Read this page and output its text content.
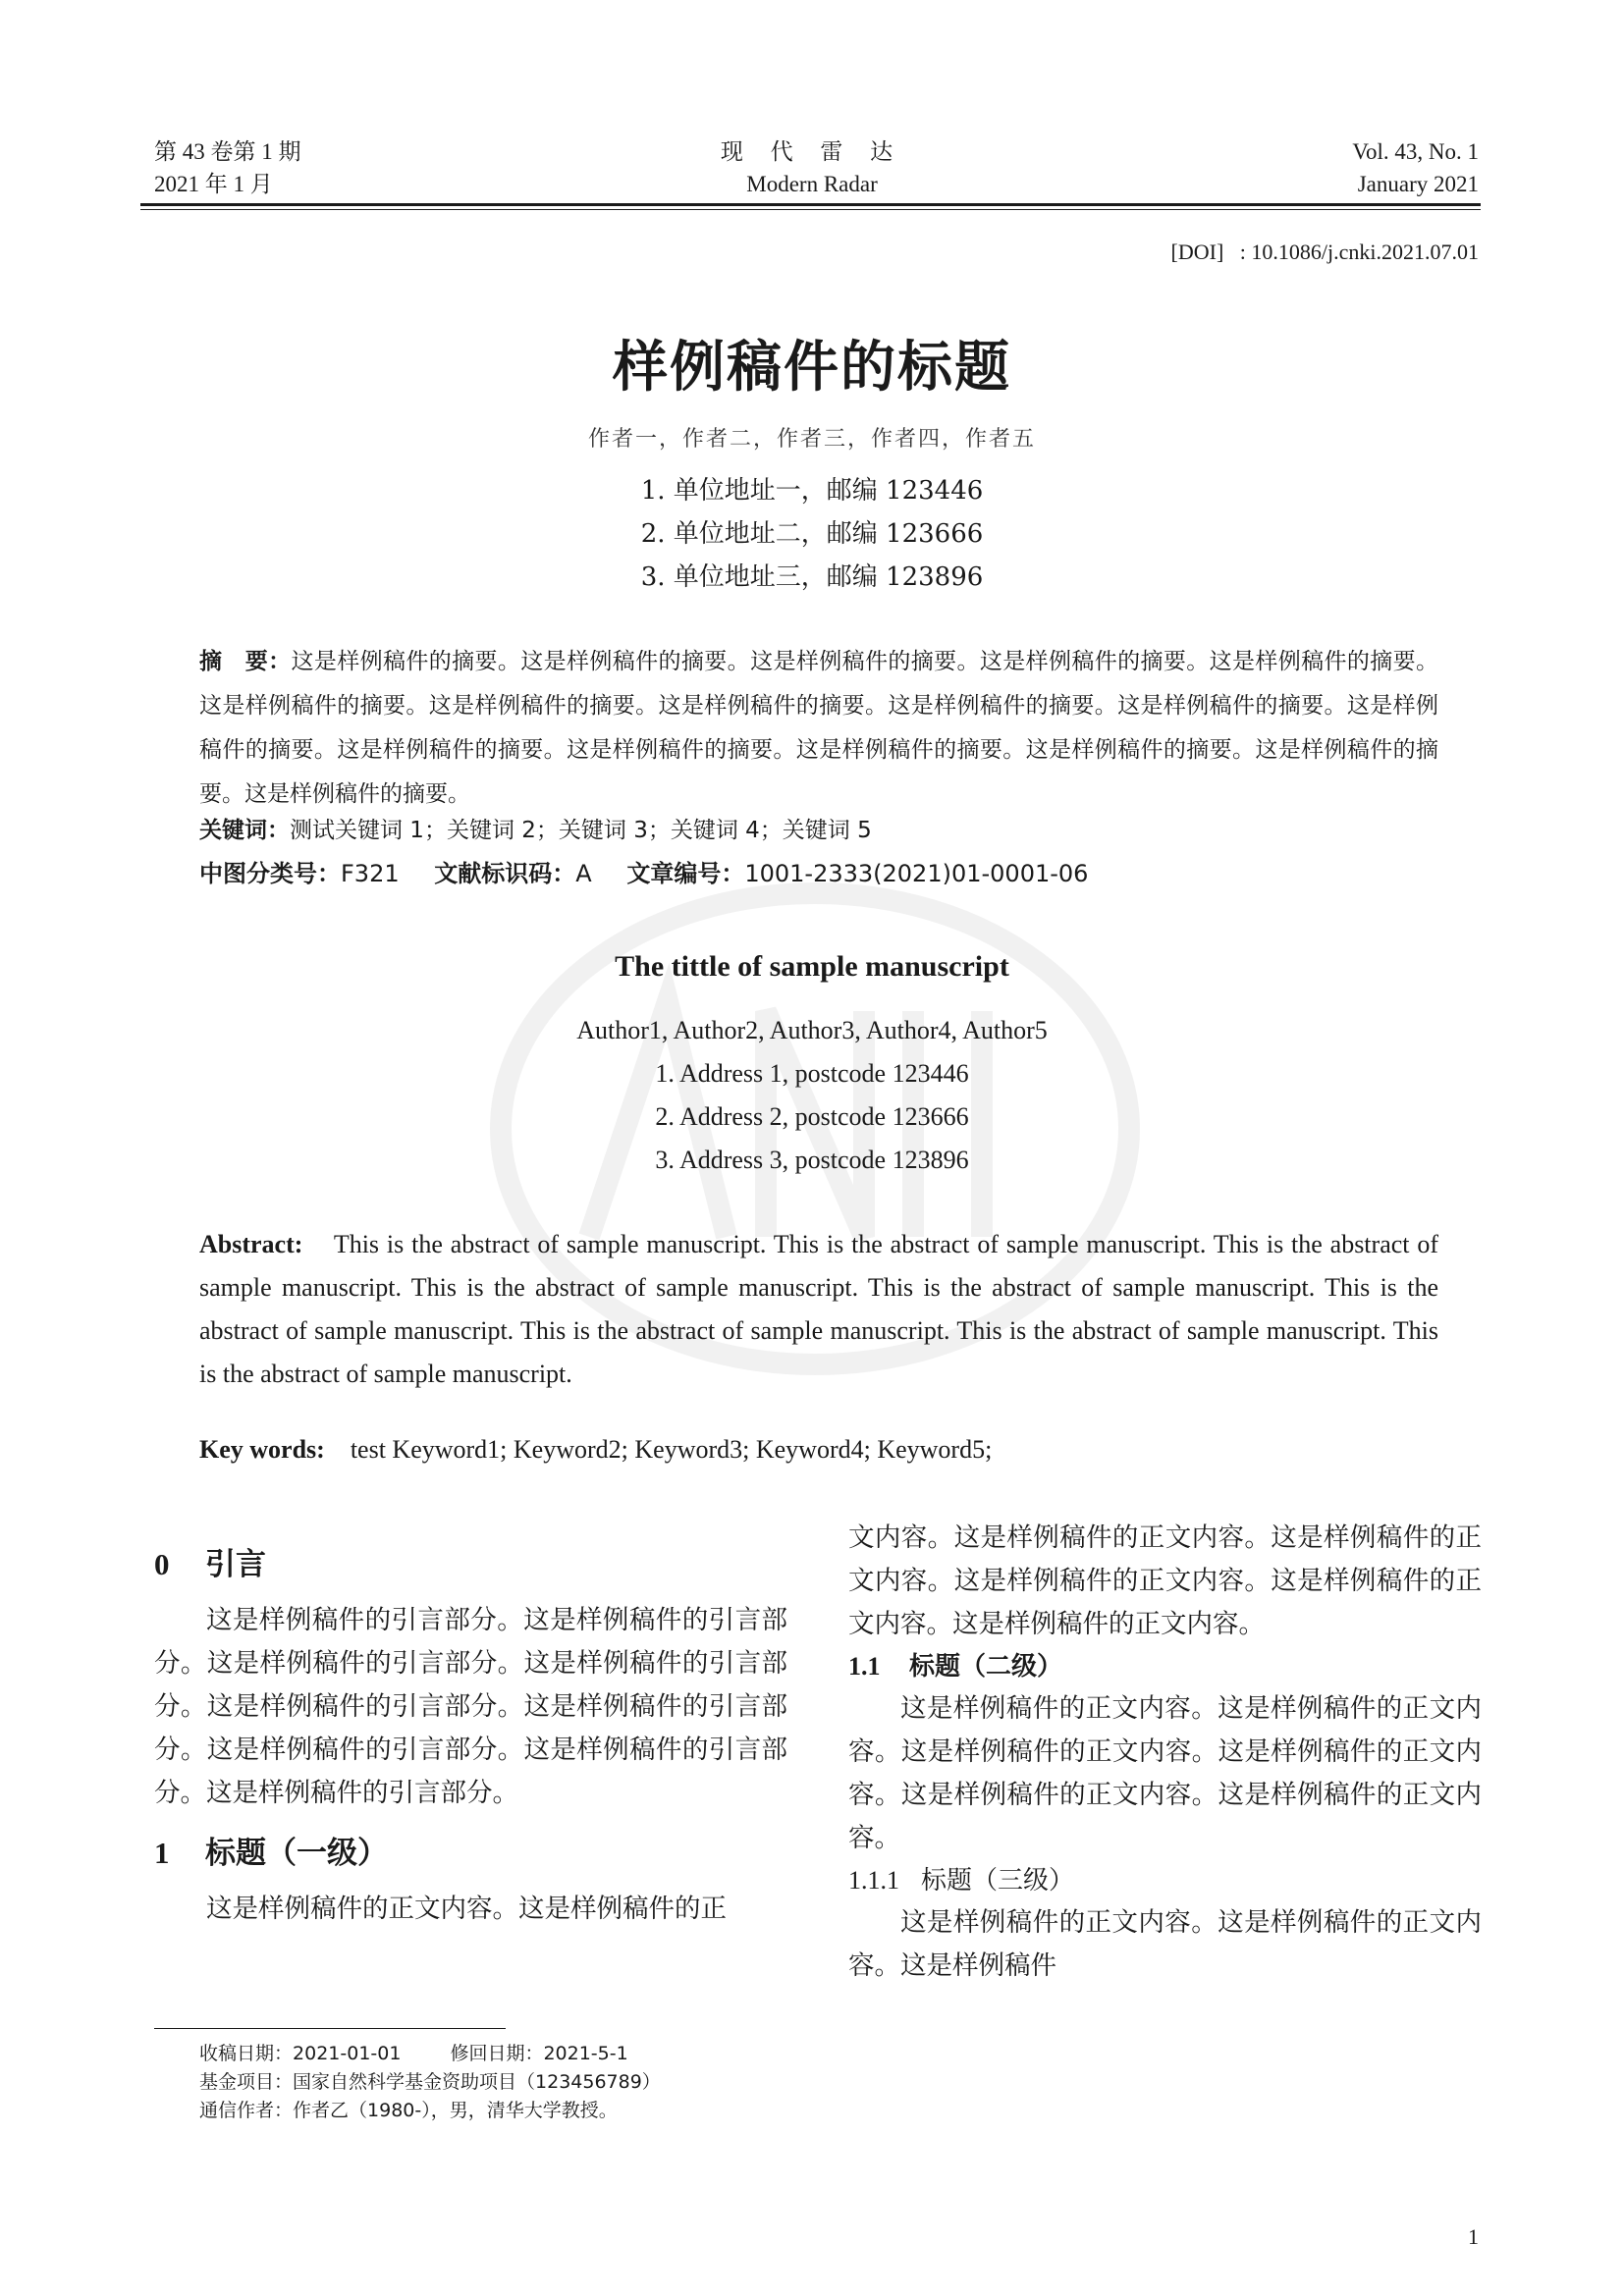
第 43 卷第 1 期
2021 年 1 月
现 代 雷 达
Modern Radar
Vol. 43, No. 1
January 2021
[DOI]   : 10.1086/j.cnki.2021.07.01
样例稿件的标题
作者一，作者二，作者三，作者四，作者五
1. 单位地址一，邮编 123446
2. 单位地址二，邮编 123666
3. 单位地址三，邮编 123896
摘　要：这是样例稿件的摘要。这是样例稿件的摘要。这是样例稿件的摘要。这是样例稿件的摘要。这是样例稿件的摘要。这是样例稿件的摘要。这是样例稿件的摘要。这是样例稿件的摘要。这是样例稿件的摘要。这是样例稿件的摘要。这是样例稿件的摘要。这是样例稿件的摘要。这是样例稿件的摘要。这是样例稿件的摘要。这是样例稿件的摘要。这是样例稿件的摘要。这是样例稿件的摘要。
关键词：测试关键词 1；关键词 2；关键词 3；关键词 4；关键词 5
中图分类号：F321 文献标识码：A 文章编号：1001-2333(2021)01-0001-06
The tittle of sample manuscript
Author1, Author2, Author3, Author4, Author5
1. Address 1, postcode 123446
2. Address 2, postcode 123666
3. Address 3, postcode 123896
Abstract: This is the abstract of sample manuscript. This is the abstract of sample manuscript. This is the abstract of sample manuscript. This is the abstract of sample manuscript. This is the abstract of sample manuscript. This is the abstract of sample manuscript. This is the abstract of sample manuscript. This is the abstract of sample manuscript. This is the abstract of sample manuscript.
Key words: test Keyword1; Keyword2; Keyword3; Keyword4; Keyword5;
0 引言

这是样例稿件的引言部分。这是样例稿件的引言部分。这是样例稿件的引言部分。这是样例稿件的引言部分。这是样例稿件的引言部分。这是样例稿件的引言部分。这是样例稿件的引言部分。这是样例稿件的引言部分。这是样例稿件的引言部分。

1 标题（一级）

这是样例稿件的正文内容。这是样例稿件的正

文内容。这是样例稿件的正文内容。这是样例稿件的正文内容。这是样例稿件的正文内容。这是样例稿件的正文内容。这是样例稿件的正文内容。

1.1 标题（二级）

这是样例稿件的正文内容。这是样例稿件的正文内容。这是样例稿件的正文内容。这是样例稿件的正文内容。这是样例稿件的正文内容。这是样例稿件的正文内容。

1.1.1 标题（三级）

这是样例稿件的正文内容。这是样例稿件的正文内容。这是样例稿件

收稿日期：2021-01-01	修回日期：2021-5-1
基金项目：国家自然科学基金资助项目（123456789）
通信作者：作者乙（1980-），男，清华大学教授。
1
